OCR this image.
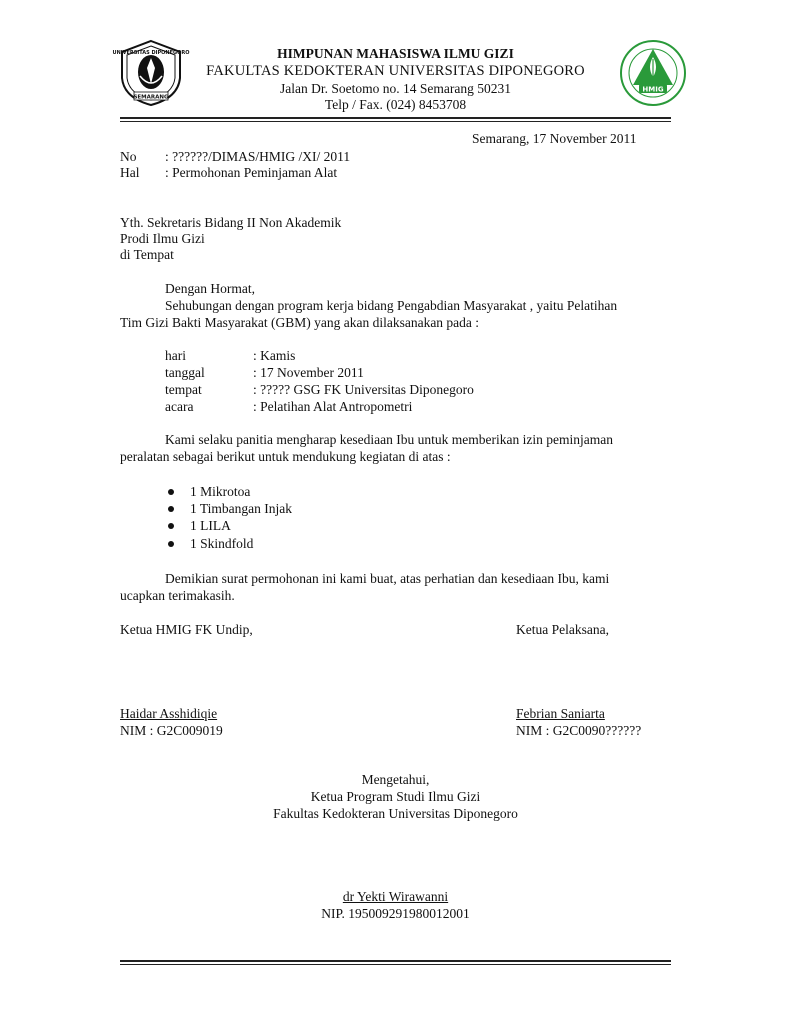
UNIVERSITAS DIPONEGORO
SEMARANG
HMIG
HIMPUNAN MAHASISWA ILMU GIZI
FAKULTAS KEDOKTERAN UNIVERSITAS DIPONEGORO
Jalan Dr. Soetomo no. 14 Semarang 50231
Telp / Fax. (024) 8453708
Semarang, 17 November 2011
No : ??????/DIMAS/HMIG /XI/ 2011
Hal : Permohonan Peminjaman Alat
Yth. Sekretaris Bidang II Non Akademik
Prodi Ilmu Gizi
di Tempat
Dengan Hormat,
Sehubungan dengan program kerja bidang Pengabdian Masyarakat , yaitu Pelatihan
Tim Gizi Bakti Masyarakat (GBM) yang akan dilaksanakan pada :
hari	: Kamis
tanggal	: 17 November 2011
tempat	: ????? GSG FK Universitas Diponegoro
acara	: Pelatihan Alat Antropometri
Kami selaku panitia mengharap kesediaan Ibu untuk memberikan izin peminjaman
peralatan sebagai berikut untuk mendukung kegiatan di atas :
1 Mikrotoa
1 Timbangan Injak
1 LILA
1 Skindfold
Demikian surat permohonan ini kami buat, atas perhatian dan kesediaan Ibu, kami
ucapkan terimakasih.
Ketua HMIG FK Undip,	Ketua Pelaksana,
Haidar Asshidiqie
NIM : G2C009019
Febrian Saniarta
NIM : G2C0090??????
Mengetahui,
Ketua Program Studi Ilmu Gizi
Fakultas Kedokteran Universitas Diponegoro
dr Yekti Wirawanni
NIP. 195009291980012001
